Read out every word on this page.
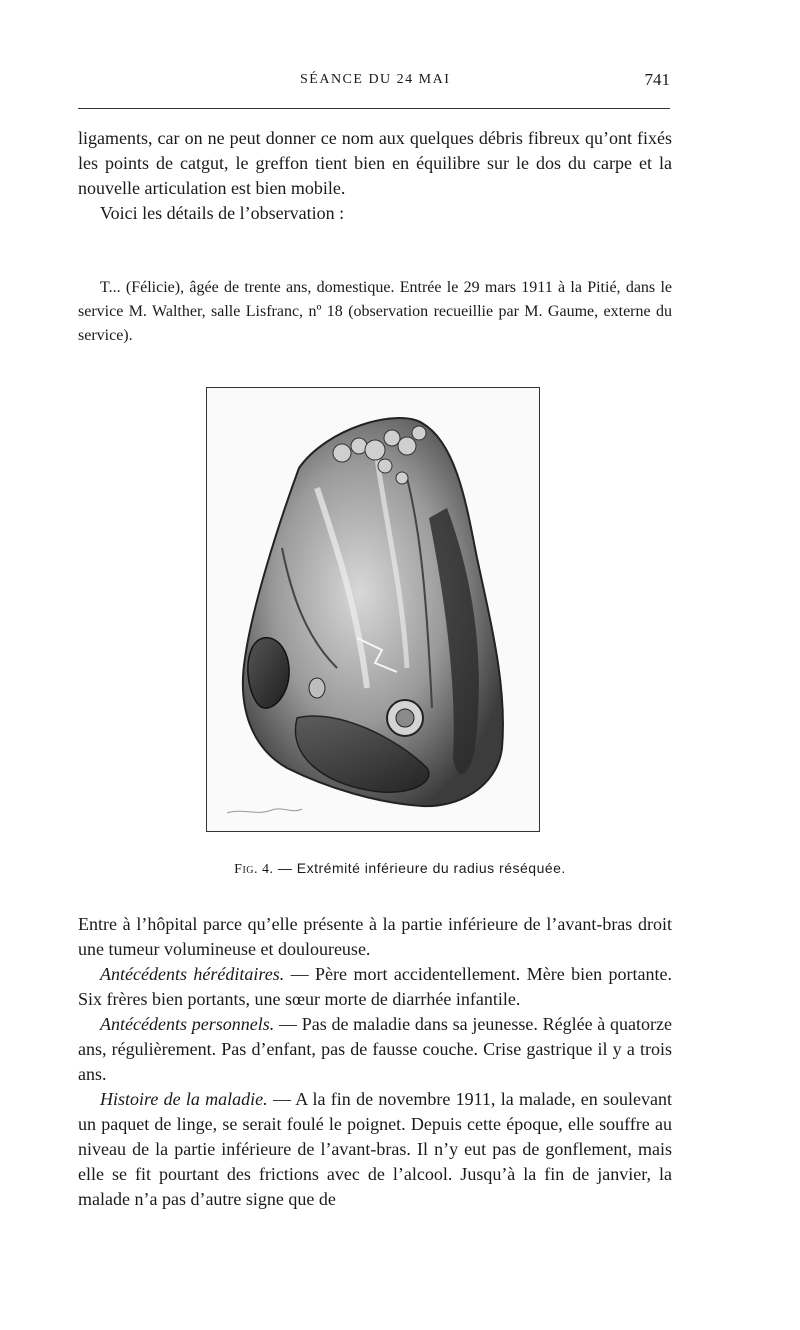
SÉANCE DU 24 MAI	741

ligaments, car on ne peut donner ce nom aux quelques débris fibreux qu’ont fixés les points de catgut, le greffon tient bien en équilibre sur le dos du carpe et la nouvelle articulation est bien mobile.

Voici les détails de l’observation :

T... (Félicie), âgée de trente ans, domestique. Entrée le 29 mars 1911 à la Pitié, dans le service M. Walther, salle Lisfranc, nº 18 (observation recueillie par M. Gaume, externe du service).
Fig. 4. — Extrémité inférieure du radius réséquée.

Entre à l’hôpital parce qu’elle présente à la partie inférieure de l’avant-bras droit une tumeur volumineuse et douloureuse.

Antécédents héréditaires. — Père mort accidentellement. Mère bien portante. Six frères bien portants, une sœur morte de diarrhée infantile.

Antécédents personnels. — Pas de maladie dans sa jeunesse. Réglée à quatorze ans, régulièrement. Pas d’enfant, pas de fausse couche. Crise gastrique il y a trois ans.

Histoire de la maladie. — A la fin de novembre 1911, la malade, en soulevant un paquet de linge, se serait foulé le poignet. Depuis cette époque, elle souffre au niveau de la partie inférieure de l’avant-bras. Il n’y eut pas de gonflement, mais elle se fit pourtant des frictions avec de l’alcool. Jusqu’à la fin de janvier, la malade n’a pas d’autre signe que de
